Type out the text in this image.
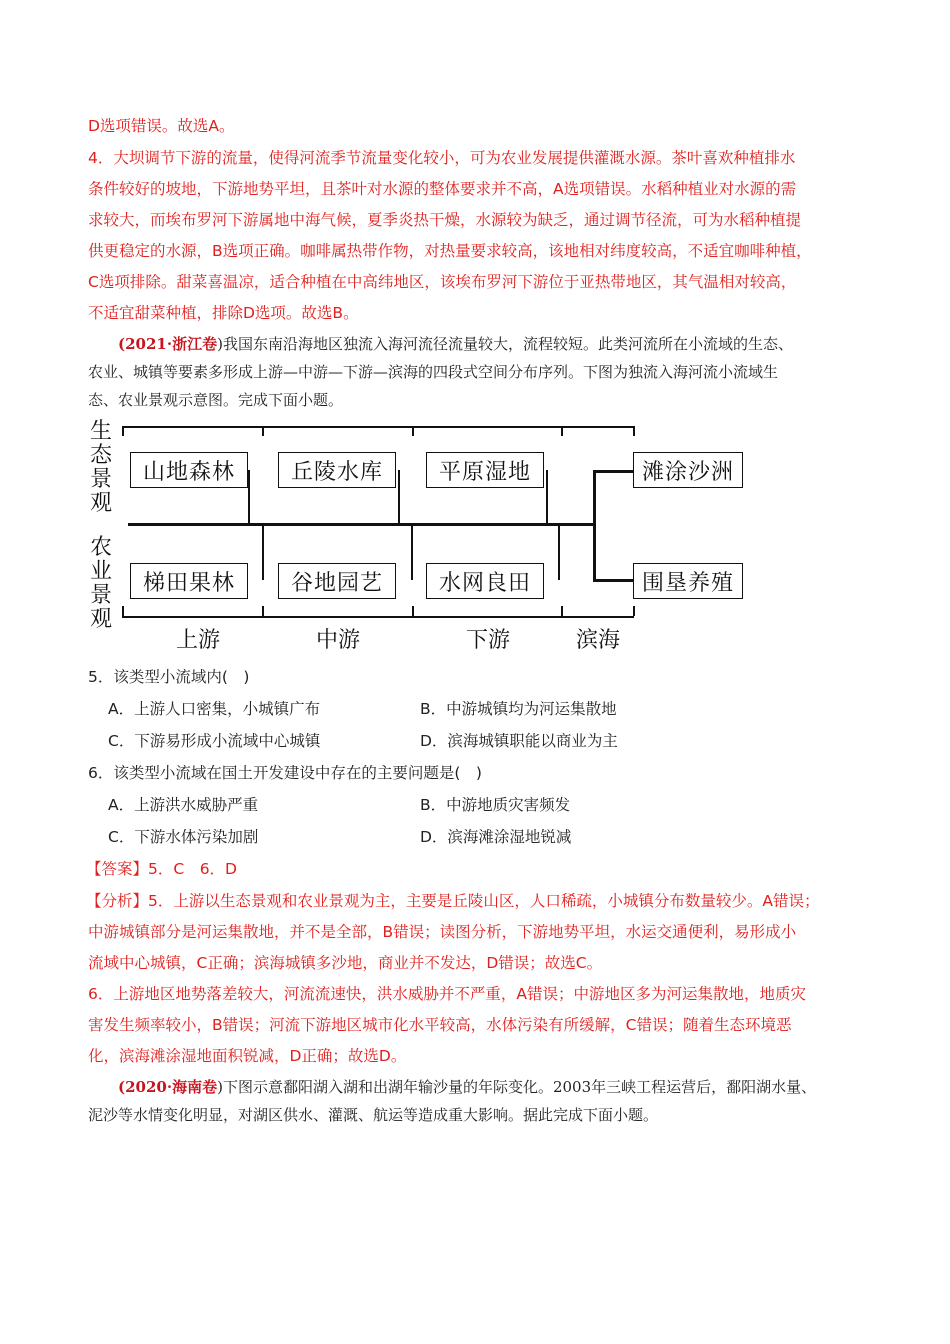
D选项错误。故选A。
4．大坝调节下游的流量，使得河流季节流量变化较小，可为农业发展提供灌溉水源。茶叶喜欢种植排水
条件较好的坡地，下游地势平坦，且茶叶对水源的整体要求并不高，A选项错误。水稻种植业对水源的需
求较大，而埃布罗河下游属地中海气候，夏季炎热干燥，水源较为缺乏，通过调节径流，可为水稻种植提
供更稳定的水源，B选项正确。咖啡属热带作物，对热量要求较高，该地相对纬度较高，不适宜咖啡种植，
C选项排除。甜菜喜温凉，适合种植在中高纬地区，该埃布罗河下游位于亚热带地区，其气温相对较高，
不适宜甜菜种植，排除D选项。故选B。
(2021·浙江卷)我国东南沿海地区独流入海河流径流量较大，流程较短。此类河流所在小流域的生态、
农业、城镇等要素多形成上游—中游—下游—滨海的四段式空间分布序列。下图为独流入海河流小流域生
态、农业景观示意图。完成下面小题。
生
态
景
观
农
业
景
观
山地森林	丘陵水库	平原湿地	滩涂沙洲
梯田果林	谷地园艺	水网良田	围垦养殖
上游	中游	下游	滨海
5．该类型小流域内(　)
A．上游人口密集，小城镇广布	B．中游城镇均为河运集散地
C．下游易形成小流域中心城镇	D．滨海城镇职能以商业为主
6．该类型小流域在国土开发建设中存在的主要问题是(　)
A．上游洪水威胁严重	B．中游地质灾害频发
C．下游水体污染加剧	D．滨海滩涂湿地锐减
【答案】5．C　6．D
【分析】5．上游以生态景观和农业景观为主，主要是丘陵山区，人口稀疏，小城镇分布数量较少。A错误；
中游城镇部分是河运集散地，并不是全部，B错误；读图分析，下游地势平坦，水运交通便利，易形成小
流域中心城镇，C正确；滨海城镇多沙地，商业并不发达，D错误；故选C。
6．上游地区地势落差较大，河流流速快，洪水威胁并不严重，A错误；中游地区多为河运集散地，地质灾
害发生频率较小，B错误；河流下游地区城市化水平较高，水体污染有所缓解，C错误；随着生态环境恶
化，滨海滩涂湿地面积锐减，D正确；故选D。
(2020·海南卷)下图示意鄱阳湖入湖和出湖年输沙量的年际变化。2003年三峡工程运营后，鄱阳湖水量、
泥沙等水情变化明显，对湖区供水、灌溉、航运等造成重大影响。据此完成下面小题。
